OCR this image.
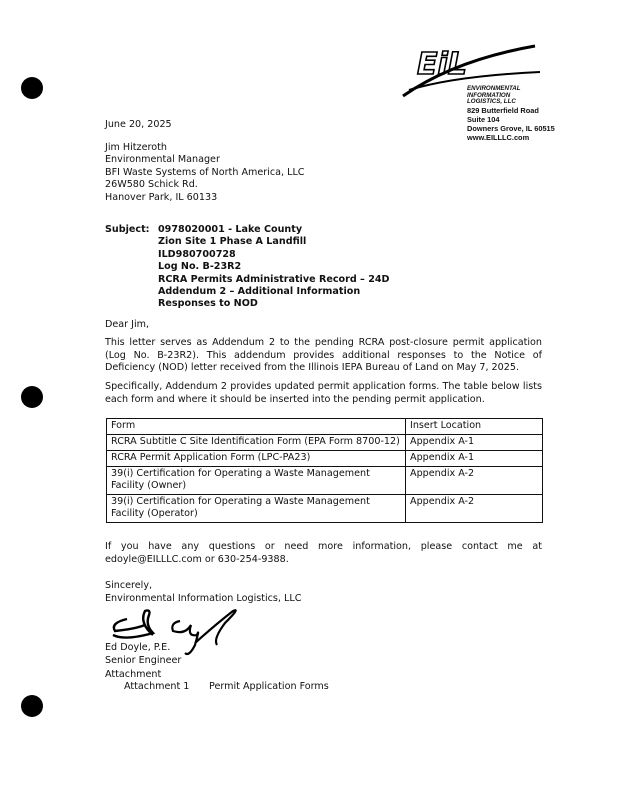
EiL
ENVIRONMENTAL
INFORMATION
LOGISTICS, LLC
829 Butterfield Road
Suite 104
Downers Grove, IL 60515
www.EILLLC.com
June 20, 2025
Jim Hitzeroth
Environmental Manager
BFI Waste Systems of North America, LLC
26W580 Schick Rd.
Hanover Park, IL 60133
Subject: 0978020001 - Lake County
Zion Site 1 Phase A Landfill
ILD980700728
Log No. B-23R2
RCRA Permits Administrative Record – 24D
Addendum 2 – Additional Information
Responses to NOD
Dear Jim,
This letter serves as Addendum 2 to the pending RCRA post-closure permit application (Log No. B-23R2). This addendum provides additional responses to the Notice of Deficiency (NOD) letter received from the Illinois IEPA Bureau of Land on May 7, 2025.
Specifically, Addendum 2 provides updated permit application forms. The table below lists each form and where it should be inserted into the pending permit application.
Form	Insert Location
RCRA Subtitle C Site Identification Form (EPA Form 8700-12)	Appendix A-1
RCRA Permit Application Form (LPC-PA23)	Appendix A-1
39(i) Certification for Operating a Waste Management Facility (Owner)	Appendix A-2
39(i) Certification for Operating a Waste Management Facility (Operator)	Appendix A-2
If you have any questions or need more information, please contact me at edoyle@EILLLC.com or 630-254-9388.
Sincerely,
Environmental Information Logistics, LLC
Ed Doyle, P.E.
Senior Engineer
Attachment
Attachment 1 Permit Application Forms
